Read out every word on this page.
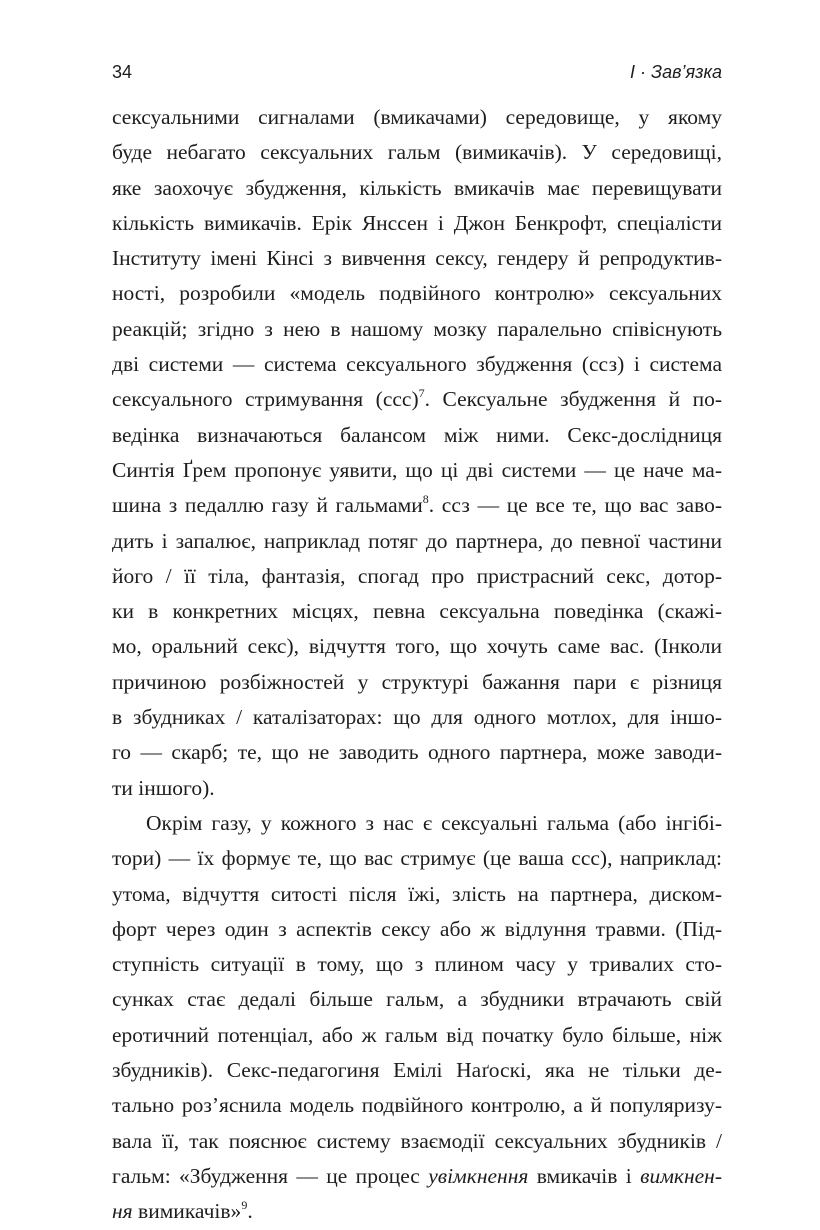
34	I · Зав’язка
сексуальними сигналами (вмикачами) середовище, у якому
буде небагато сексуальних гальм (вимикачів). У середовищі,
яке заохочує збудження, кількість вмикачів має перевищувати
кількість вимикачів. Ерік Янссен і Джон Бенкрофт, спеціалісти
Інституту імені Кінсі з вивчення сексу, гендеру й репродуктив-
ності, розробили «модель подвійного контролю» сексуальних
реакцій; згідно з нею в нашому мозку паралельно співіснують
дві системи — система сексуального збудження (ссз) і система
сексуального стримування (ссс)$^7$. Сексуальне збудження й по-
ведінка визначаються балансом між ними. Секс-дослідниця
Синтія Ґрем пропонує уявити, що ці дві системи — це наче ма-
шина з педаллю газу й гальмами$^8$. ссз — це все те, що вас заво-
дить і запалює, наприклад потяг до партнера, до певної частини
його / її тіла, фантазія, спогад про пристрасний секс, дотор-
ки в конкретних місцях, певна сексуальна поведінка (скажі-
мо, оральний секс), відчуття того, що хочуть саме вас. (Інколи
причиною розбіжностей у структурі бажання пари є різниця
в збудниках / каталізаторах: що для одного мотлох, для іншо-
го — скарб; те, що не заводить одного партнера, може заводи-
ти іншого).
Окрім газу, у кожного з нас є сексуальні гальма (або інгібі-
тори) — їх формує те, що вас стримує (це ваша ссс), наприклад:
утома, відчуття ситості після їжі, злість на партнера, диском-
форт через один з аспектів сексу або ж відлуння травми. (Під-
ступність ситуації в тому, що з плином часу у тривалих сто-
сунках стає дедалі більше гальм, а збудники втрачають свій
еротичний потенціал, або ж гальм від початку було більше, ніж
збудників). Секс-педагогиня Емілі Наґоскі, яка не тільки де-
тально роз’яснила модель подвійного контролю, а й популяризу-
вала її, так пояснює систему взаємодії сексуальних збудників /
гальм: «Збудження — це процес увімкнення вмикачів і вимкнен-
ня вимикачів»$^9$.
